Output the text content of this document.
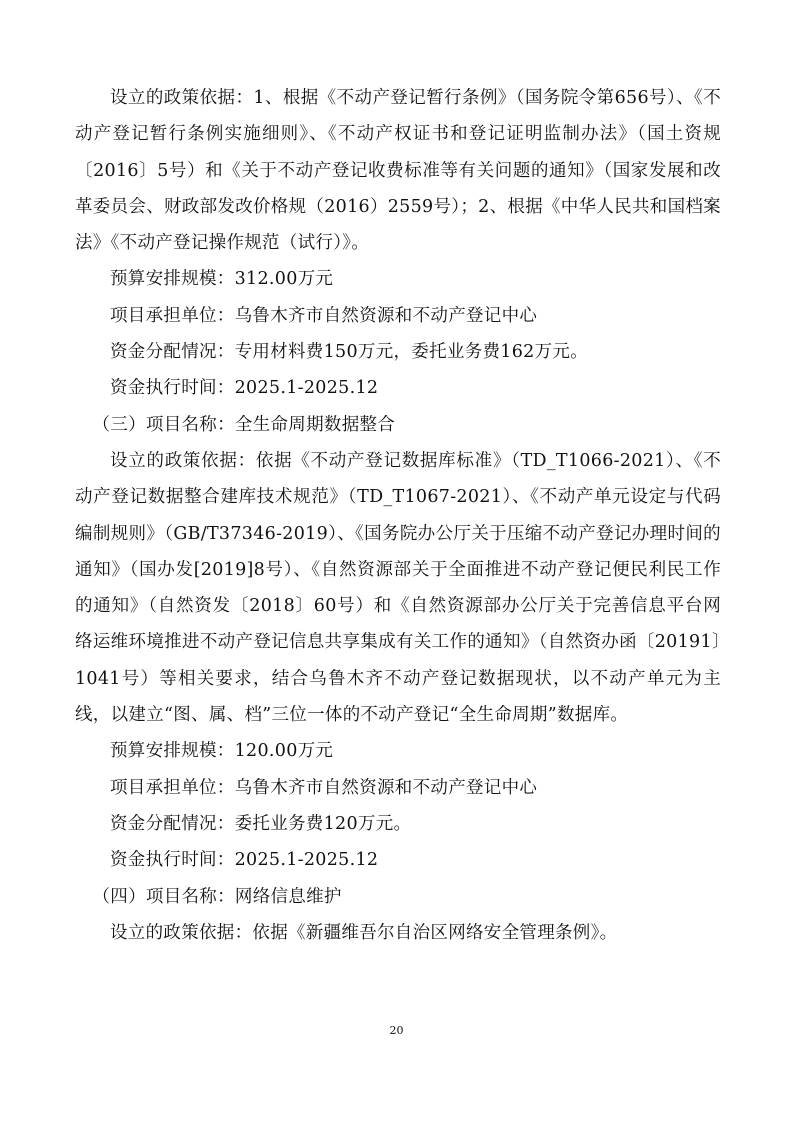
设立的政策依据：1、根据《不动产登记暂行条例》（国务院令第656号）、《不动产登记暂行条例实施细则》、《不动产权证书和登记证明监制办法》（国土资规〔2016〕5号）和《关于不动产登记收费标准等有关问题的通知》（国家发展和改革委员会、财政部发改价格规（2016）2559号）；2、根据《中华人民共和国档案法》《不动产登记操作规范（试行）》。

预算安排规模：312.00万元

项目承担单位：乌鲁木齐市自然资源和不动产登记中心

资金分配情况：专用材料费150万元，委托业务费162万元。

资金执行时间：2025.1-2025.12

（三）项目名称：全生命周期数据整合

设立的政策依据：依据《不动产登记数据库标准》（TD_T1066-2021）、《不动产登记数据整合建库技术规范》（TD_T1067-2021）、《不动产单元设定与代码编制规则》（GB/T37346-2019）、《国务院办公厅关于压缩不动产登记办理时间的通知》（国办发[2019]8号）、《自然资源部关于全面推进不动产登记便民利民工作的通知》（自然资发〔2018〕60号）和《自然资源部办公厅关于完善信息平台网络运维环境推进不动产登记信息共享集成有关工作的通知》（自然资办函〔20191〕1041号）等相关要求，结合乌鲁木齐不动产登记数据现状，以不动产单元为主线，以建立“图、属、档”三位一体的不动产登记“全生命周期”数据库。

预算安排规模：120.00万元

项目承担单位：乌鲁木齐市自然资源和不动产登记中心

资金分配情况：委托业务费120万元。

资金执行时间：2025.1-2025.12

（四）项目名称：网络信息维护

设立的政策依据：依据《新疆维吾尔自治区网络安全管理条例》。

20
